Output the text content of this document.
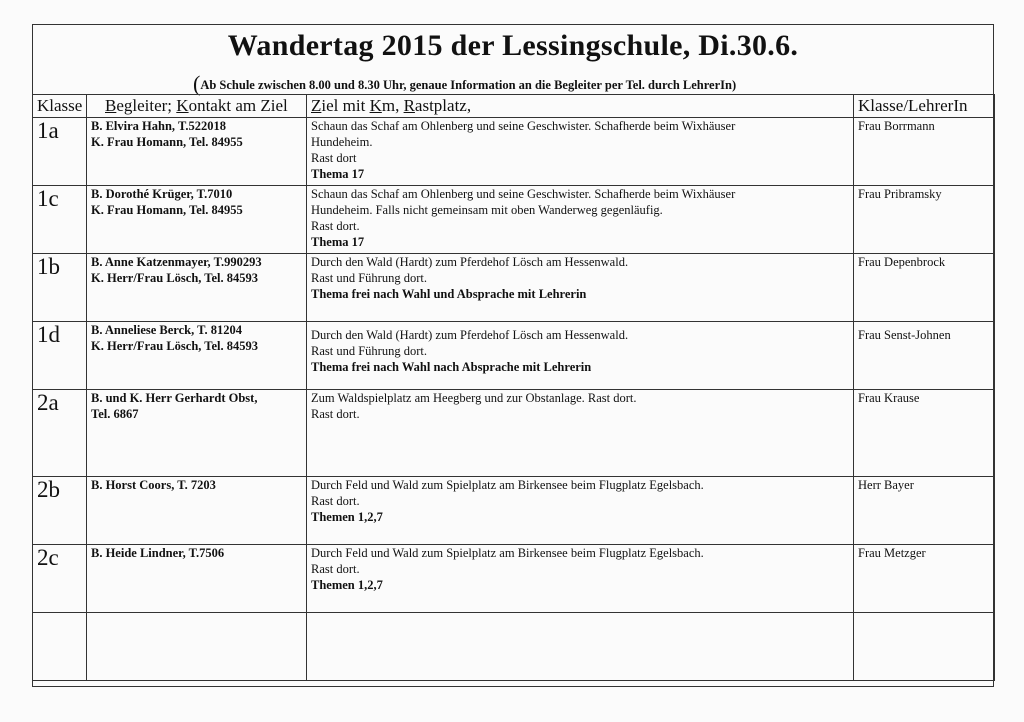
Wandertag 2015 der Lessingschule, Di.30.6.
(Ab Schule zwischen 8.00 und 8.30 Uhr, genaue Information an die Begleiter per Tel. durch LehrerIn)
Klasse	Begleiter; Kontakt am Ziel	Ziel mit Km, Rastplatz,	Klasse/LehrerIn
1a	B. Elvira Hahn, T.522018
K. Frau Homann, Tel. 84955	Schaun das Schaf am Ohlenberg und seine Geschwister. Schafherde beim Wixhäuser
Hundeheim.
Rast dort
Thema 17	Frau Borrmann
1c	B. Dorothé Krüger, T.7010
K. Frau Homann, Tel. 84955	Schaun das Schaf am Ohlenberg und seine Geschwister. Schafherde beim Wixhäuser
Hundeheim. Falls nicht gemeinsam mit oben Wanderweg gegenläufig.
Rast dort.
Thema 17	Frau Pribramsky
1b	B. Anne Katzenmayer, T.990293
K. Herr/Frau Lösch, Tel. 84593	Durch den Wald (Hardt) zum Pferdehof Lösch am Hessenwald.
Rast und Führung dort.
Thema frei nach Wahl und Absprache mit Lehrerin	Frau Depenbrock
1d	B. Anneliese Berck, T. 81204
K. Herr/Frau Lösch, Tel. 84593	Durch den Wald (Hardt) zum Pferdehof Lösch am Hessenwald.
Rast und Führung dort.
Thema frei nach Wahl nach Absprache mit Lehrerin	Frau Senst-Johnen
2a	B. und K. Herr Gerhardt Obst,
Tel. 6867	Zum Waldspielplatz am Heegberg und zur Obstanlage. Rast dort.
Rast dort.	Frau Krause
2b	B. Horst Coors, T. 7203	Durch Feld und Wald zum Spielplatz am Birkensee beim Flugplatz Egelsbach.
Rast dort.
Themen 1,2,7	Herr Bayer
2c	B. Heide Lindner, T.7506	Durch Feld und Wald zum Spielplatz am Birkensee beim Flugplatz Egelsbach.
Rast dort.
Themen 1,2,7	Frau Metzger
